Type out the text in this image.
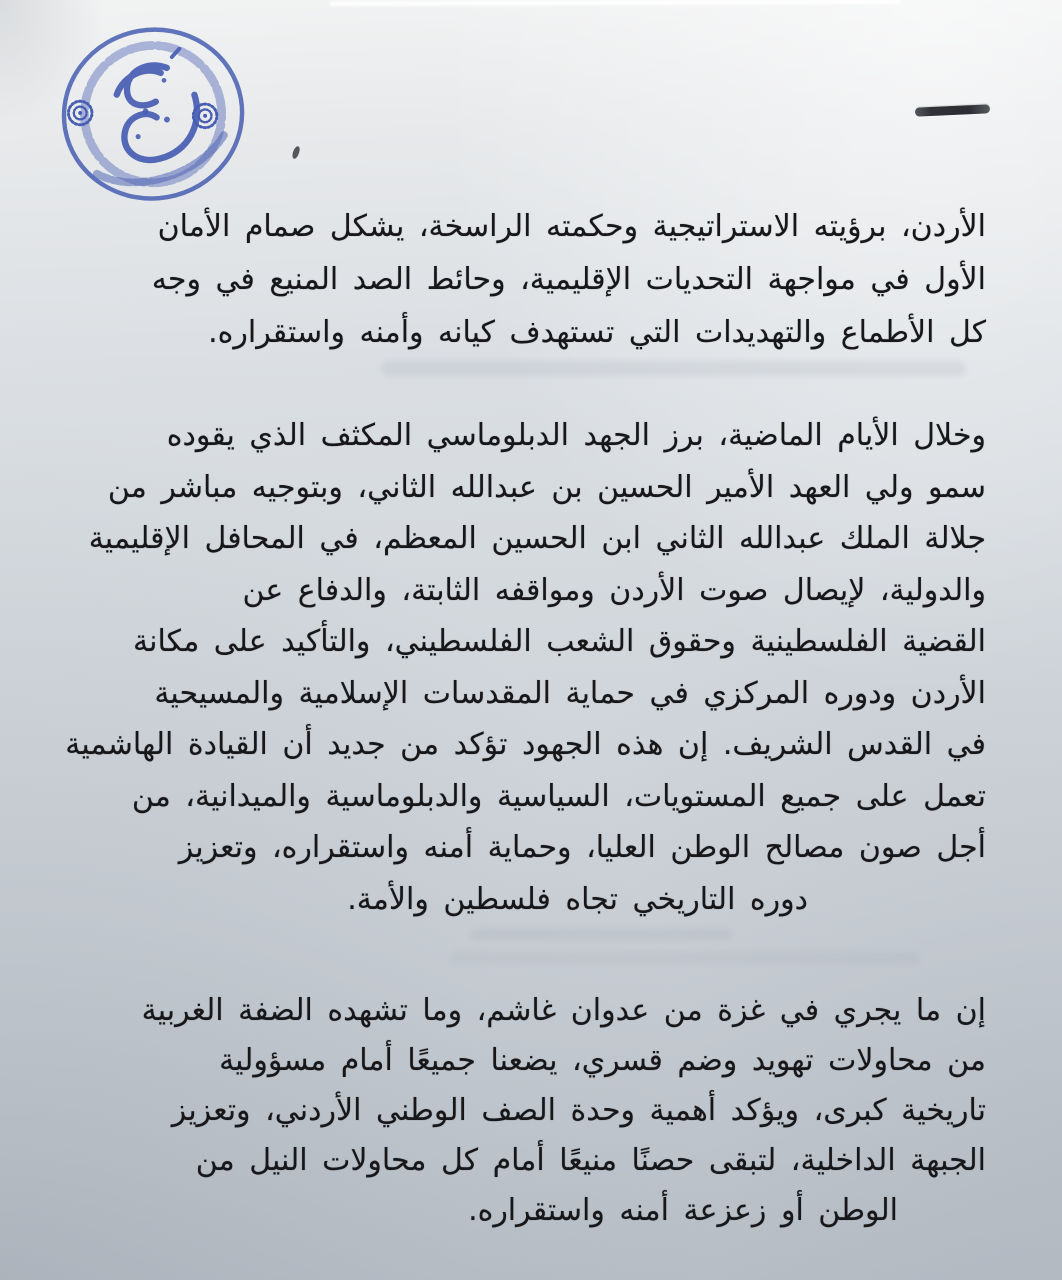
الأردن، برؤيته الاستراتيجية وحكمته الراسخة، يشكل صمام الأمان
الأول في مواجهة التحديات الإقليمية، وحائط الصد المنيع في وجه
كل الأطماع والتهديدات التي تستهدف كيانه وأمنه واستقراره.
وخلال الأيام الماضية، برز الجهد الدبلوماسي المكثف الذي يقوده
سمو ولي العهد الأمير الحسين بن عبدالله الثاني، وبتوجيه مباشر من
جلالة الملك عبدالله الثاني ابن الحسين المعظم، في المحافل الإقليمية
والدولية، لإيصال صوت الأردن ومواقفه الثابتة، والدفاع عن
القضية الفلسطينية وحقوق الشعب الفلسطيني، والتأكيد على مكانة
الأردن ودوره المركزي في حماية المقدسات الإسلامية والمسيحية
في القدس الشريف. إن هذه الجهود تؤكد من جديد أن القيادة الهاشمية
تعمل على جميع المستويات، السياسية والدبلوماسية والميدانية، من
أجل صون مصالح الوطن العليا، وحماية أمنه واستقراره، وتعزيز
دوره التاريخي تجاه فلسطين والأمة.
إن ما يجري في غزة من عدوان غاشم، وما تشهده الضفة الغربية
من محاولات تهويد وضم قسري، يضعنا جميعًا أمام مسؤولية
تاريخية كبرى، ويؤكد أهمية وحدة الصف الوطني الأردني، وتعزيز
الجبهة الداخلية، لتبقى حصنًا منيعًا أمام كل محاولات النيل من
الوطن أو زعزعة أمنه واستقراره.
